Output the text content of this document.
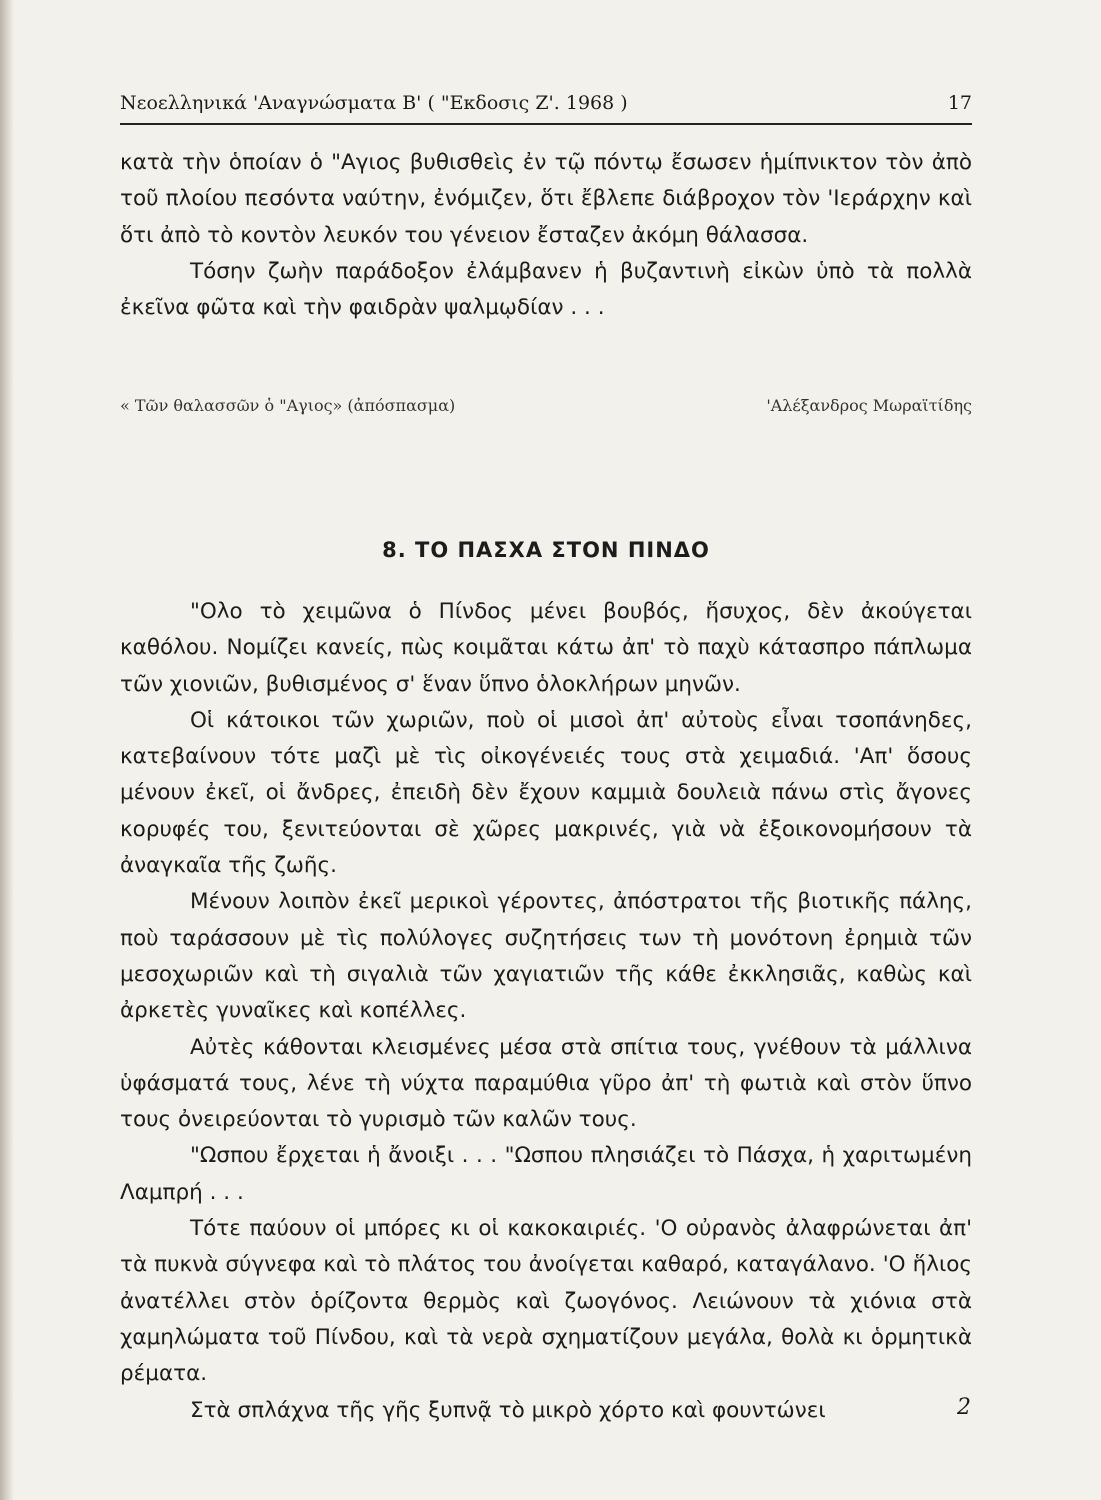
Νεοελληνικά 'Αναγνώσματα Β' ( "Εκδοσις Ζ'. 1968 )	17

κατὰ τὴν ὁποίαν ὁ "Αγιος βυθισθεὶς ἐν τῷ πόντῳ ἔσωσεν ἡμίπνικτον τὸν ἀπὸ τοῦ πλοίου πεσόντα ναύτην, ἐνόμιζεν, ὅτι ἔβλεπε διάβροχον τὸν 'Ιεράρχην καὶ ὅτι ἀπὸ τὸ κοντὸν λευκόν του γένειον ἔσταζεν ἀκόμη θάλασσα.

Τόσην ζωὴν παράδοξον ἐλάμβανεν ἡ βυζαντινὴ εἰκὼν ὑπὸ τὰ πολλὰ ἐκεῖνα φῶτα καὶ τὴν φαιδρὰν ψαλμῳδίαν . . .

« Τῶν θαλασσῶν ὁ "Αγιος» (ἀπόσπασμα)	'Αλέξανδρος Μωραϊτίδης
8. ΤΟ ΠΑΣΧΑ ΣΤΟΝ ΠΙΝΔΟ

"Ολο τὸ χειμῶνα ὁ Πίνδος μένει βουβός, ἥσυχος, δὲν ἀκούγεται καθόλου. Νομίζει κανείς, πὼς κοιμᾶται κάτω ἀπ' τὸ παχὺ κάτασπρο πάπλωμα τῶν χιονιῶν, βυθισμένος σ' ἕναν ὕπνο ὁλοκλήρων μηνῶν.

Οἱ κάτοικοι τῶν χωριῶν, ποὺ οἱ μισοὶ ἀπ' αὐτοὺς εἶναι τσοπάνηδες, κατεβαίνουν τότε μαζὶ μὲ τὶς οἰκογένειές τους στὰ χειμαδιά. 'Απ' ὅσους μένουν ἐκεῖ, οἱ ἄνδρες, ἐπειδὴ δὲν ἔχουν καμμιὰ δουλειὰ πάνω στὶς ἄγονες κορυφές του, ξενιτεύονται σὲ χῶρες μακρινές, γιὰ νὰ ἐξοικονομήσουν τὰ ἀναγκαῖα τῆς ζωῆς.

Μένουν λοιπὸν ἐκεῖ μερικοὶ γέροντες, ἀπόστρατοι τῆς βιοτικῆς πάλης, ποὺ ταράσσουν μὲ τὶς πολύλογες συζητήσεις των τὴ μονότονη ἐρημιὰ τῶν μεσοχωριῶν καὶ τὴ σιγαλιὰ τῶν χαγιατιῶν τῆς κάθε ἐκκλησιᾶς, καθὼς καὶ ἀρκετὲς γυναῖκες καὶ κοπέλλες.

Αὐτὲς κάθονται κλεισμένες μέσα στὰ σπίτια τους, γνέθουν τὰ μάλλινα ὑφάσματά τους, λένε τὴ νύχτα παραμύθια γῦρο ἀπ' τὴ φωτιὰ καὶ στὸν ὕπνο τους ὀνειρεύονται τὸ γυρισμὸ τῶν καλῶν τους.

"Ωσπου ἔρχεται ἡ ἄνοιξι . . . "Ωσπου πλησιάζει τὸ Πάσχα, ἡ χαριτωμένη Λαμπρή . . .

Τότε παύουν οἱ μπόρες κι οἱ κακοκαιριές. 'Ο οὐρανὸς ἀλαφρώνεται ἀπ' τὰ πυκνὰ σύγνεφα καὶ τὸ πλάτος του ἀνοίγεται καθαρό, καταγάλανο. 'Ο ἥλιος ἀνατέλλει στὸν ὁρίζοντα θερμὸς καὶ ζωογόνος. Λειώνουν τὰ χιόνια στὰ χαμηλώματα τοῦ Πίνδου, καὶ τὰ νερὰ σχηματίζουν μεγάλα, θολὰ κι ὁρμητικὰ ρέματα.

Στὰ σπλάχνα τῆς γῆς ξυπνᾷ τὸ μικρὸ χόρτο καὶ φουντώνει	2
